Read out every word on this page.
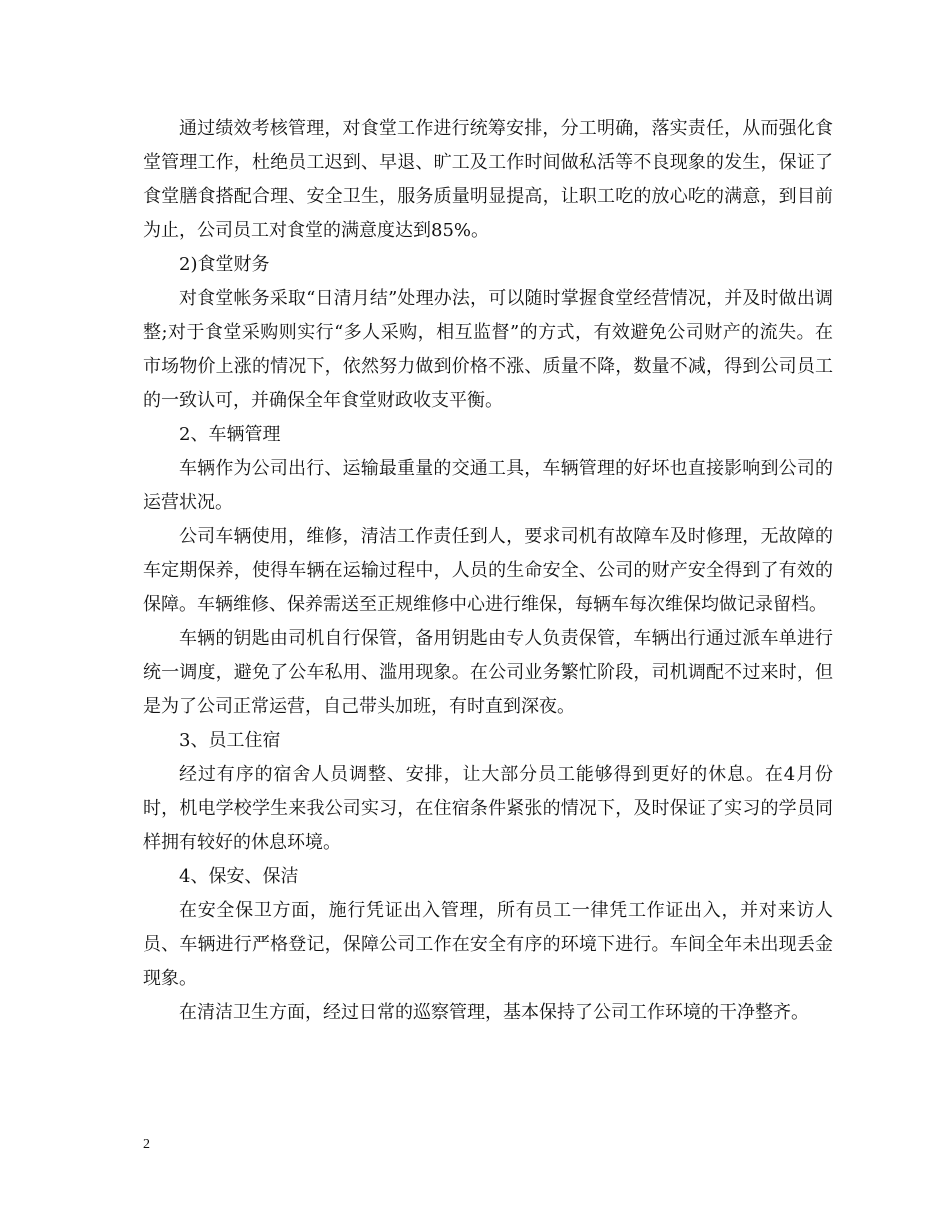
通过绩效考核管理，对食堂工作进行统筹安排，分工明确，落实责任，从而强化食堂管理工作，杜绝员工迟到、早退、旷工及工作时间做私活等不良现象的发生，保证了食堂膳食搭配合理、安全卫生，服务质量明显提高，让职工吃的放心吃的满意，到目前为止，公司员工对食堂的满意度达到85%。

2)食堂财务

对食堂帐务采取“日清月结”处理办法，可以随时掌握食堂经营情况，并及时做出调整;对于食堂采购则实行“多人采购，相互监督”的方式，有效避免公司财产的流失。在市场物价上涨的情况下，依然努力做到价格不涨、质量不降，数量不减，得到公司员工的一致认可，并确保全年食堂财政收支平衡。

2、车辆管理

车辆作为公司出行、运输最重量的交通工具，车辆管理的好坏也直接影响到公司的运营状况。

公司车辆使用，维修，清洁工作责任到人，要求司机有故障车及时修理，无故障的车定期保养，使得车辆在运输过程中，人员的生命安全、公司的财产安全得到了有效的保障。车辆维修、保养需送至正规维修中心进行维保，每辆车每次维保均做记录留档。

车辆的钥匙由司机自行保管，备用钥匙由专人负责保管，车辆出行通过派车单进行统一调度，避免了公车私用、滥用现象。在公司业务繁忙阶段，司机调配不过来时，但是为了公司正常运营，自己带头加班，有时直到深夜。

3、员工住宿

经过有序的宿舍人员调整、安排，让大部分员工能够得到更好的休息。在4月份时，机电学校学生来我公司实习，在住宿条件紧张的情况下，及时保证了实习的学员同样拥有较好的休息环境。

4、保安、保洁

在安全保卫方面，施行凭证出入管理，所有员工一律凭工作证出入，并对来访人员、车辆进行严格登记，保障公司工作在安全有序的环境下进行。车间全年未出现丢金现象。

在清洁卫生方面，经过日常的巡察管理，基本保持了公司工作环境的干净整齐。

2
